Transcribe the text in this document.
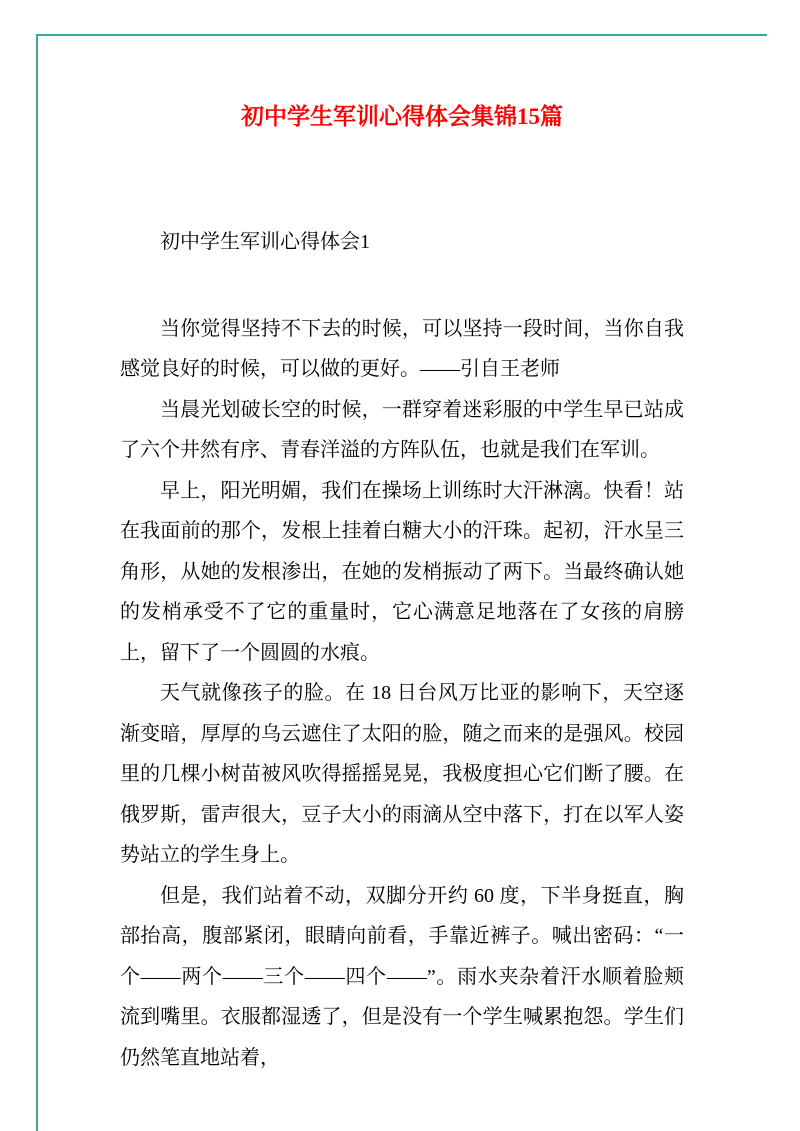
初中学生军训心得体会集锦15篇

初中学生军训心得体会1

当你觉得坚持不下去的时候，可以坚持一段时间，当你自我感觉良好的时候，可以做的更好。——引自王老师

当晨光划破长空的时候，一群穿着迷彩服的中学生早已站成了六个井然有序、青春洋溢的方阵队伍，也就是我们在军训。

早上，阳光明媚，我们在操场上训练时大汗淋漓。快看！站在我面前的那个，发根上挂着白糖大小的汗珠。起初，汗水呈三角形，从她的发根渗出，在她的发梢振动了两下。当最终确认她的发梢承受不了它的重量时，它心满意足地落在了女孩的肩膀上，留下了一个圆圆的水痕。

天气就像孩子的脸。在 18 日台风万比亚的影响下，天空逐渐变暗，厚厚的乌云遮住了太阳的脸，随之而来的是强风。校园里的几棵小树苗被风吹得摇摇晃晃，我极度担心它们断了腰。在俄罗斯，雷声很大，豆子大小的雨滴从空中落下，打在以军人姿势站立的学生身上。

但是，我们站着不动，双脚分开约 60 度，下半身挺直，胸部抬高，腹部紧闭，眼睛向前看，手靠近裤子。喊出密码：“一个——两个——三个——四个——”。雨水夹杂着汗水顺着脸颊流到嘴里。衣服都湿透了，但是没有一个学生喊累抱怨。学生们仍然笔直地站着，
